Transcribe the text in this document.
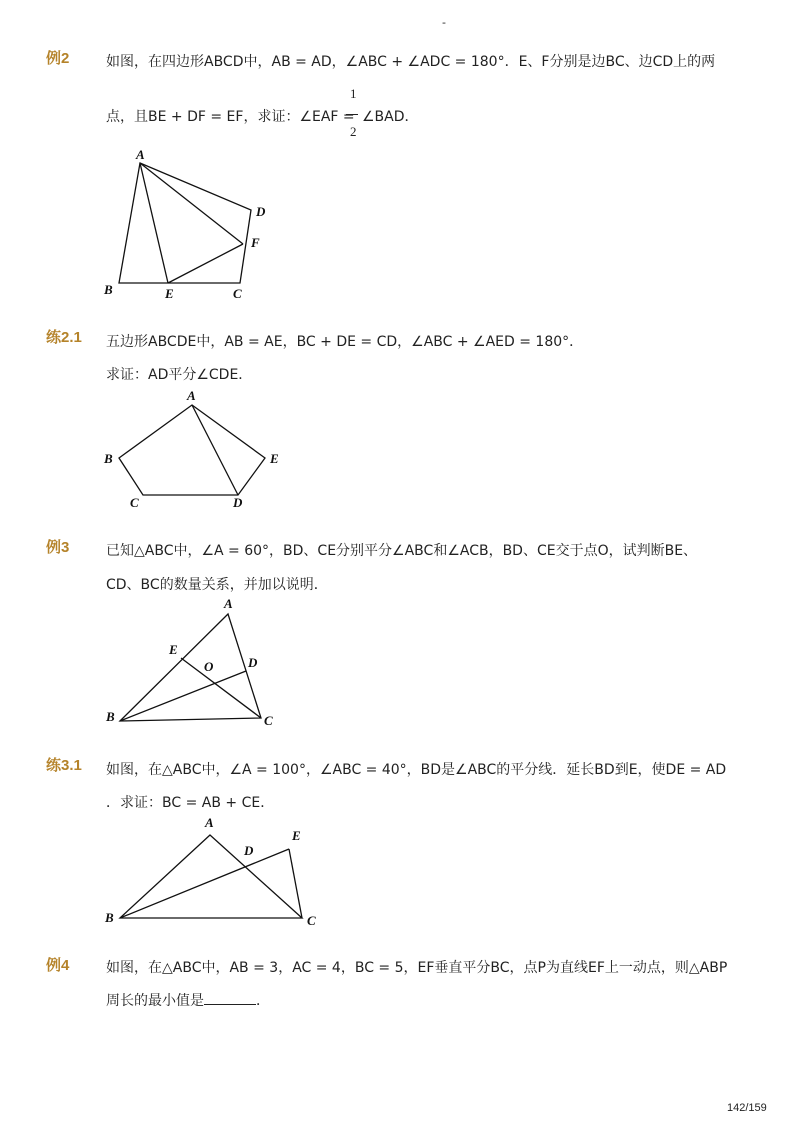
-
例2	如图，在四边形ABCD中，AB = AD，∠ABC + ∠ADC = 180°．E、F分别是边BC、边CD上的两
点，且BE + DF = EF，求证：∠EAF =
1
2
∠BAD．
A
D
F
B	E	C
A
B	E
C	D
A
E
O	D
B	C
A
E
D
B	C
练2.1 五边形ABCDE中，AB = AE，BC + DE = CD，∠ABC + ∠AED = 180°．
求证：AD平分∠CDE．
例3	已知△ABC中，∠A = 60°，BD、CE分别平分∠ABC和∠ACB，BD、CE交于点O，试判断BE、
CD、BC的数量关系，并加以说明．
练3.1 如图，在△ABC中，∠A = 100°，∠ABC = 40°，BD是∠ABC的平分线．延长BD到E，使DE = AD
．求证：BC = AB + CE．
例4	如图，在△ABC中，AB = 3，AC = 4，BC = 5，EF垂直平分BC，点P为直线EF上一动点，则△ABP
周长的最小值是	．
142/159
